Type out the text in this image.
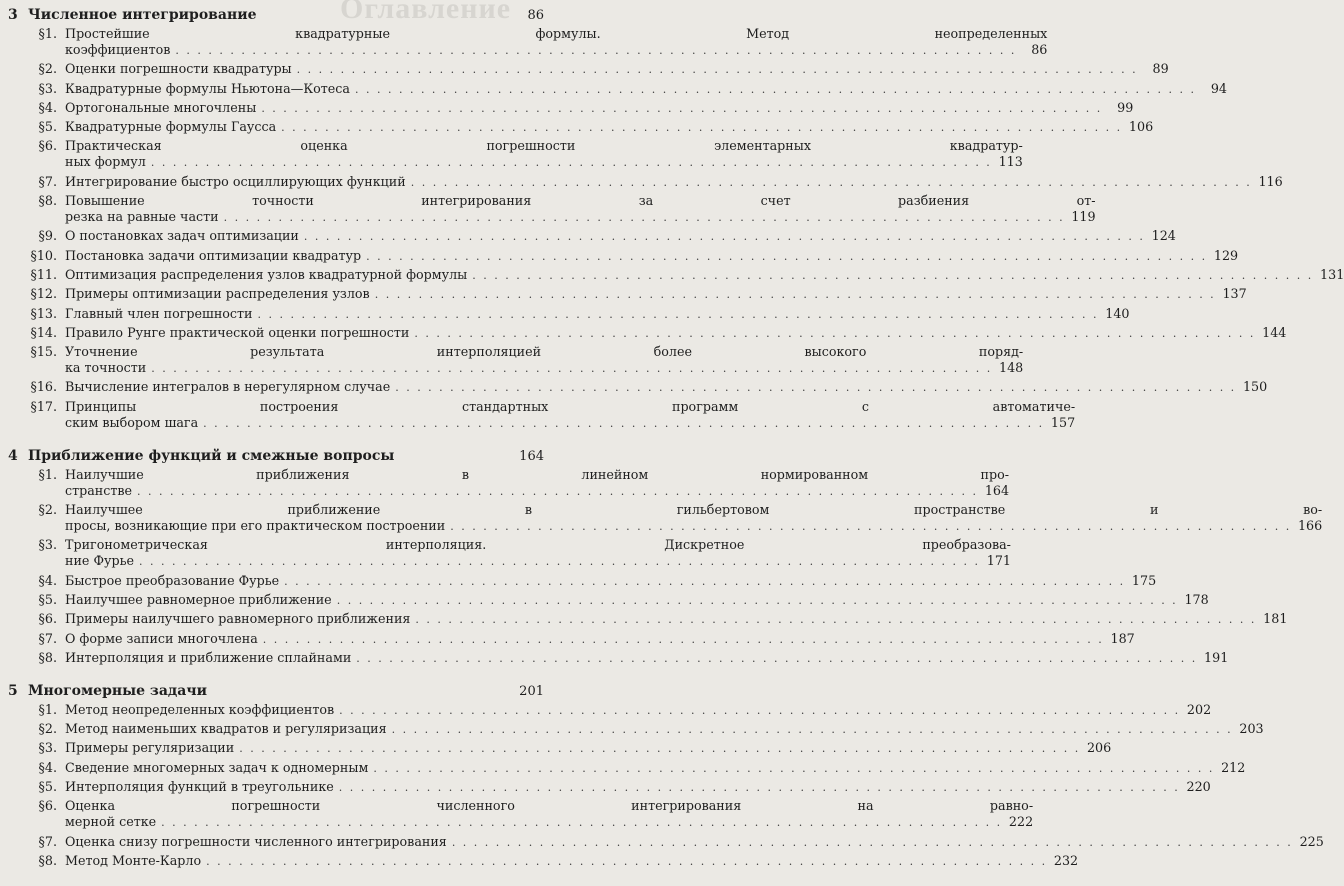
Оглавление
3 Численное интегрирование	86
§1. Простейшие	квадратурные	формулы.	Метод	неопределенных
коэффициентов . . .	86
§2. Оценки погрешности квадратуры . . .	89
§3. Квадратурные формулы Ньютона—Котеса . . .	94
§4. Ортогональные многочлены . . .	99
§5. Квадратурные формулы Гаусса . . .	106
§6. Практическая	оценка	погрешности	элементарных	квадратур-
ных формул . . .	113
§7. Интегрирование быстро осциллирующих функций . . .	116
§8. Повышение	точности	интегрирования	за	счет	разбиения	от-
резка на равные части . . .	119
§9. О постановках задач оптимизации . . .	124
§10. Постановка задачи оптимизации квадратур . . .	129
§11. Оптимизация распределения узлов квадратурной формулы . . .	131
§12. Примеры оптимизации распределения узлов . . .	137
§13. Главный член погрешности . . .	140
§14. Правило Рунге практической оценки погрешности . . .	144
§15. Уточнение	результата	интерполяцией	более	высокого	поряд-
ка точности . . .	148
§16. Вычисление интегралов в нерегулярном случае . . .	150
§17. Принципы	построения	стандартных	программ	с	автоматиче-
ским выбором шага . . .	157
4 Приближение функций и смежные вопросы	164
§1. Наилучшие	приближения	в	линейном	нормированном	про-
странстве . . .	164
§2. Наилучшее	приближение	в	гильбертовом	пространстве	и	во-
просы, возникающие при его практическом построении . . .	166
§3. Тригонометрическая	интерполяция.	Дискретное	преобразова-
ние Фурье . . .	171
§4. Быстрое преобразование Фурье . . .	175
§5. Наилучшее равномерное приближение . . .	178
§6. Примеры наилучшего равномерного приближения . . .	181
§7. О форме записи многочлена . . .	187
§8. Интерполяция и приближение сплайнами . . .	191
5 Многомерные задачи	201
§1. Метод неопределенных коэффициентов . . .	202
§2. Метод наименьших квадратов и регуляризация . . .	203
§3. Примеры регуляризации . . .	206
§4. Сведение многомерных задач к одномерным . . .	212
§5. Интерполяция функций в треугольнике . . .	220
§6. Оценка	погрешности	численного	интегрирования	на	равно-
мерной сетке . . .	222
§7. Оценка снизу погрешности численного интегрирования . . .	225
§8. Метод Монте-Карло . . .	232
